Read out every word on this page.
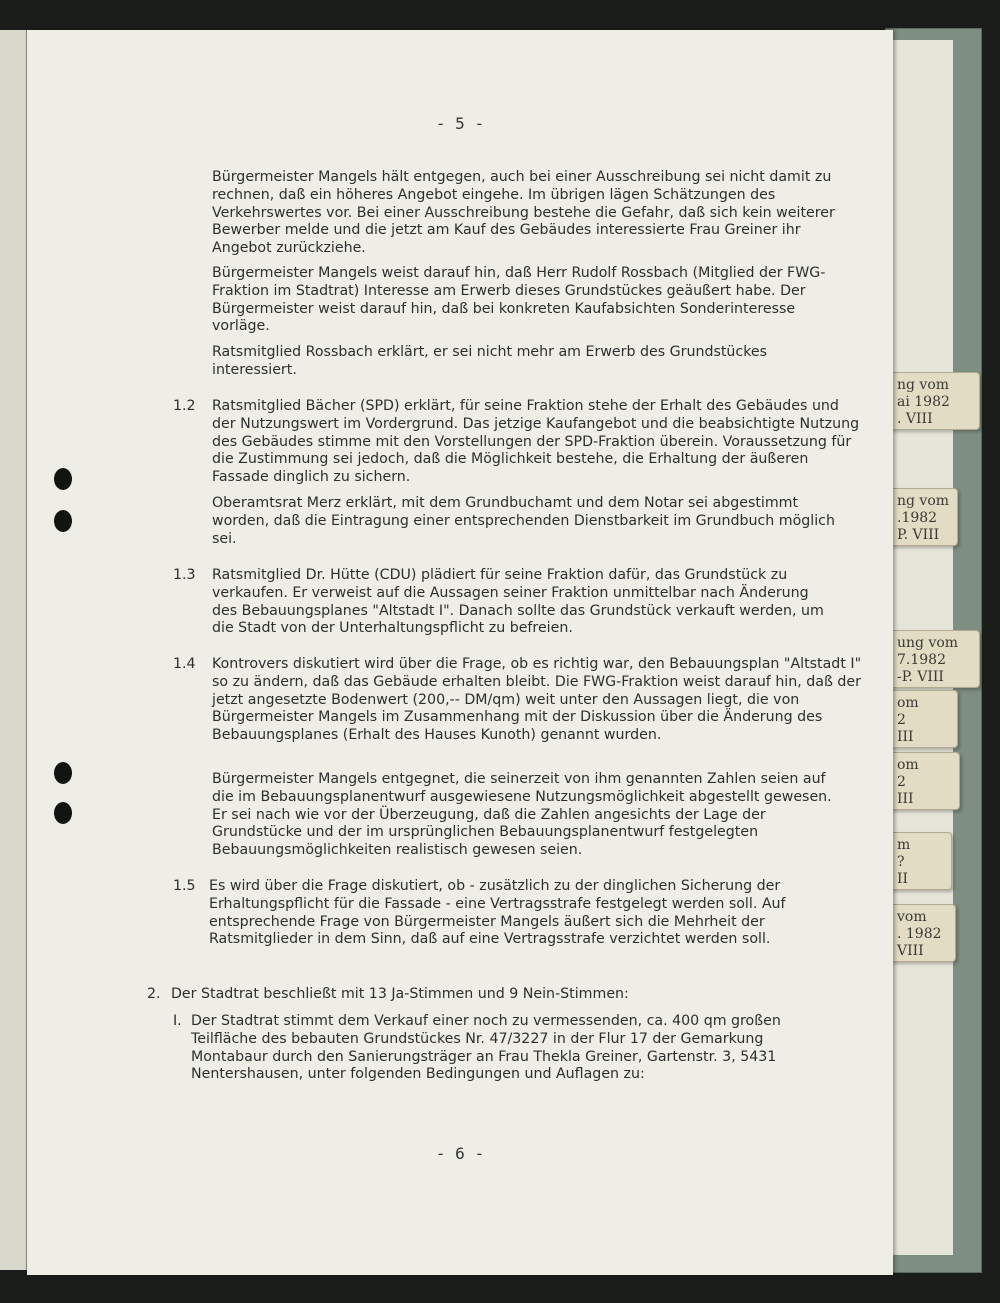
ng vom
ai 1982
. VIII
ng vom
.1982
P. VIII
ung vom
7.1982
-P. VIII
om
2
III
om
2
III
m
?
II
vom
. 1982
VIII

- 5 -

Bürgermeister Mangels hält entgegen, auch bei einer Ausschreibung sei nicht damit zu rechnen, daß ein höheres Angebot eingehe. Im übrigen lägen Schätzungen des Verkehrswertes vor. Bei einer Ausschreibung bestehe die Gefahr, daß sich kein weiterer Bewerber melde und die jetzt am Kauf des Gebäudes interessierte Frau Greiner ihr Angebot zurückziehe.

Bürgermeister Mangels weist darauf hin, daß Herr Rudolf Rossbach (Mitglied der FWG-Fraktion im Stadtrat) Interesse am Erwerb dieses Grundstückes geäußert habe. Der Bürgermeister weist darauf hin, daß bei konkreten Kaufabsichten Sonderinteresse vorläge.

Ratsmitglied Rossbach erklärt, er sei nicht mehr am Erwerb des Grundstückes interessiert.

1.2 Ratsmitglied Bächer (SPD) erklärt, für seine Fraktion stehe der Erhalt des Gebäudes und der Nutzungswert im Vordergrund. Das jetzige Kaufangebot und die beabsichtigte Nutzung des Gebäudes stimme mit den Vorstellungen der SPD-Fraktion überein. Voraussetzung für die Zustimmung sei jedoch, daß die Möglichkeit bestehe, die Erhaltung der äußeren Fassade dinglich zu sichern.

Oberamtsrat Merz erklärt, mit dem Grundbuchamt und dem Notar sei abgestimmt worden, daß die Eintragung einer entsprechenden Dienstbarkeit im Grundbuch möglich sei.

1.3 Ratsmitglied Dr. Hütte (CDU) plädiert für seine Fraktion dafür, das Grundstück zu verkaufen. Er verweist auf die Aussagen seiner Fraktion unmittelbar nach Änderung des Bebauungsplanes "Altstadt I". Danach sollte das Grundstück verkauft werden, um die Stadt von der Unterhaltungspflicht zu befreien.

1.4 Kontrovers diskutiert wird über die Frage, ob es richtig war, den Bebauungsplan "Altstadt I" so zu ändern, daß das Gebäude erhalten bleibt. Die FWG-Fraktion weist darauf hin, daß der jetzt angesetzte Bodenwert (200,-- DM/qm) weit unter den Aussagen liegt, die von Bürgermeister Mangels im Zusammenhang mit der Diskussion über die Änderung des Bebauungsplanes (Erhalt des Hauses Kunoth) genannt wurden.

Bürgermeister Mangels entgegnet, die seinerzeit von ihm genannten Zahlen seien auf die im Bebauungsplanentwurf ausgewiesene Nutzungsmöglichkeit abgestellt gewesen. Er sei nach wie vor der Überzeugung, daß die Zahlen angesichts der Lage der Grundstücke und der im ursprünglichen Bebauungsplanentwurf festgelegten Bebauungsmöglichkeiten realistisch gewesen seien.

1.5 Es wird über die Frage diskutiert, ob - zusätzlich zu der dinglichen Sicherung der Erhaltungspflicht für die Fassade - eine Vertragsstrafe festgelegt werden soll. Auf entsprechende Frage von Bürgermeister Mangels äußert sich die Mehrheit der Ratsmitglieder in dem Sinn, daß auf eine Vertragsstrafe verzichtet werden soll.

2. Der Stadtrat beschließt mit 13 Ja-Stimmen und 9 Nein-Stimmen:

I. Der Stadtrat stimmt dem Verkauf einer noch zu vermessenden, ca. 400 qm großen Teilfläche des bebauten Grundstückes Nr. 47/3227 in der Flur 17 der Gemarkung Montabaur durch den Sanierungsträger an Frau Thekla Greiner, Gartenstr. 3, 5431 Nentershausen, unter folgenden Bedingungen und Auflagen zu:

- 6 -
